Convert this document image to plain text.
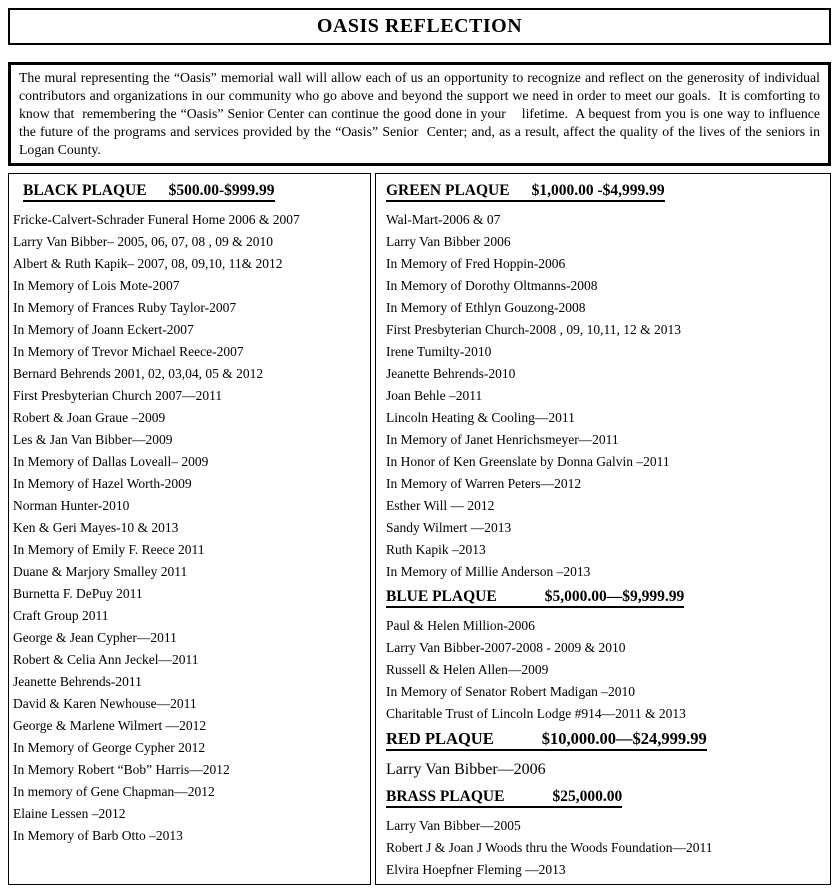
OASIS REFLECTION

The mural representing the “Oasis” memorial wall will allow each of us an opportunity to recognize and reflect on the generosity of individual contributors and organizations in our community who go above and beyond the support we need in order to meet our goals.  It is comforting to know that  remembering the “Oasis” Senior Center can continue the good done in your    lifetime.  A bequest from you is one way to influence the future of the programs and services provided by the “Oasis” Senior  Center; and, as a result, affect the quality of the lives of the seniors in Logan County.

BLACK PLAQUE $500.00-$999.99
Fricke-Calvert-Schrader Funeral Home 2006 & 2007
Larry Van Bibber– 2005, 06, 07, 08 , 09 & 2010
Albert & Ruth Kapik– 2007, 08, 09,10, 11& 2012
In Memory of Lois Mote-2007
In Memory of Frances Ruby Taylor-2007
In Memory of Joann Eckert-2007
In Memory of Trevor Michael Reece-2007
Bernard Behrends 2001, 02, 03,04, 05 & 2012
First Presbyterian Church 2007—2011
Robert & Joan Graue –2009
Les & Jan Van Bibber—2009
In Memory of Dallas Loveall– 2009
In Memory of Hazel Worth-2009
Norman Hunter-2010
Ken & Geri Mayes-10 & 2013
In Memory of Emily F. Reece 2011
Duane & Marjory Smalley 2011
Burnetta F. DePuy 2011
Craft Group 2011
George & Jean Cypher—2011
Robert & Celia Ann Jeckel—2011
Jeanette Behrends-2011
David & Karen Newhouse—2011
George & Marlene Wilmert —2012
In Memory of George Cypher 2012
In Memory Robert “Bob” Harris—2012
In memory of Gene Chapman—2012
Elaine Lessen –2012
In Memory of Barb Otto –2013
GREEN PLAQUE $1,000.00 -$4,999.99
Wal-Mart-2006 & 07
Larry Van Bibber 2006
In Memory of Fred Hoppin-2006
In Memory of Dorothy Oltmanns-2008
In Memory of Ethlyn Gouzong-2008
First Presbyterian Church-2008 , 09, 10,11, 12 & 2013
Irene Tumilty-2010
Jeanette Behrends-2010
Joan Behle –2011
Lincoln Heating & Cooling—2011
In Memory of Janet Henrichsmeyer—2011
In Honor of Ken Greenslate by Donna Galvin –2011
In Memory of Warren Peters—2012
Esther Will — 2012
Sandy Wilmert —2013
Ruth Kapik –2013
In Memory of Millie Anderson –2013
BLUE PLAQUE	$5,000.00—$9,999.99
Paul & Helen Million-2006
Larry Van Bibber-2007-2008 - 2009 & 2010
Russell & Helen Allen—2009
In Memory of Senator Robert Madigan –2010
Charitable Trust of Lincoln Lodge #914—2011 & 2013
RED PLAQUE	$10,000.00—$24,999.99
Larry Van Bibber—2006
BRASS PLAQUE	$25,000.00
Larry Van Bibber—2005
Robert J & Joan J Woods thru the Woods Foundation—2011
Elvira Hoepfner Fleming —2013
